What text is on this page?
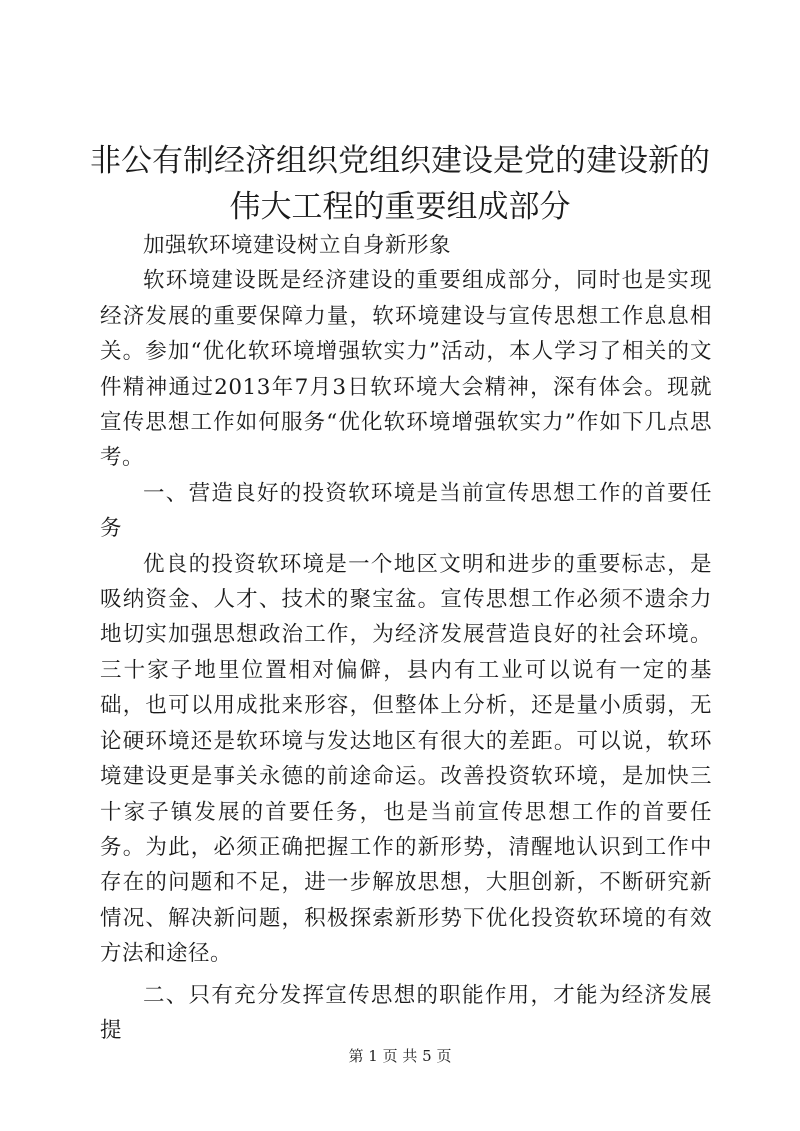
非公有制经济组织党组织建设是党的建设新的
伟大工程的重要组成部分

加强软环境建设树立自身新形象

软环境建设既是经济建设的重要组成部分，同时也是实现经济发展的重要保障力量，软环境建设与宣传思想工作息息相关。参加“优化软环境增强软实力”活动，本人学习了相关的文件精神通过2013年7月3日软环境大会精神，深有体会。现就宣传思想工作如何服务“优化软环境增强软实力”作如下几点思考。

一、营造良好的投资软环境是当前宣传思想工作的首要任务

优良的投资软环境是一个地区文明和进步的重要标志，是吸纳资金、人才、技术的聚宝盆。宣传思想工作必须不遗余力地切实加强思想政治工作，为经济发展营造良好的社会环境。三十家子地里位置相对偏僻，县内有工业可以说有一定的基础，也可以用成批来形容，但整体上分析，还是量小质弱，无论硬环境还是软环境与发达地区有很大的差距。可以说，软环境建设更是事关永德的前途命运。改善投资软环境，是加快三十家子镇发展的首要任务，也是当前宣传思想工作的首要任务。为此，必须正确把握工作的新形势，清醒地认识到工作中存在的问题和不足，进一步解放思想，大胆创新，不断研究新情况、解决新问题，积极探索新形势下优化投资软环境的有效方法和途径。

二、只有充分发挥宣传思想的职能作用，才能为经济发展提

第 1 页 共 5 页
